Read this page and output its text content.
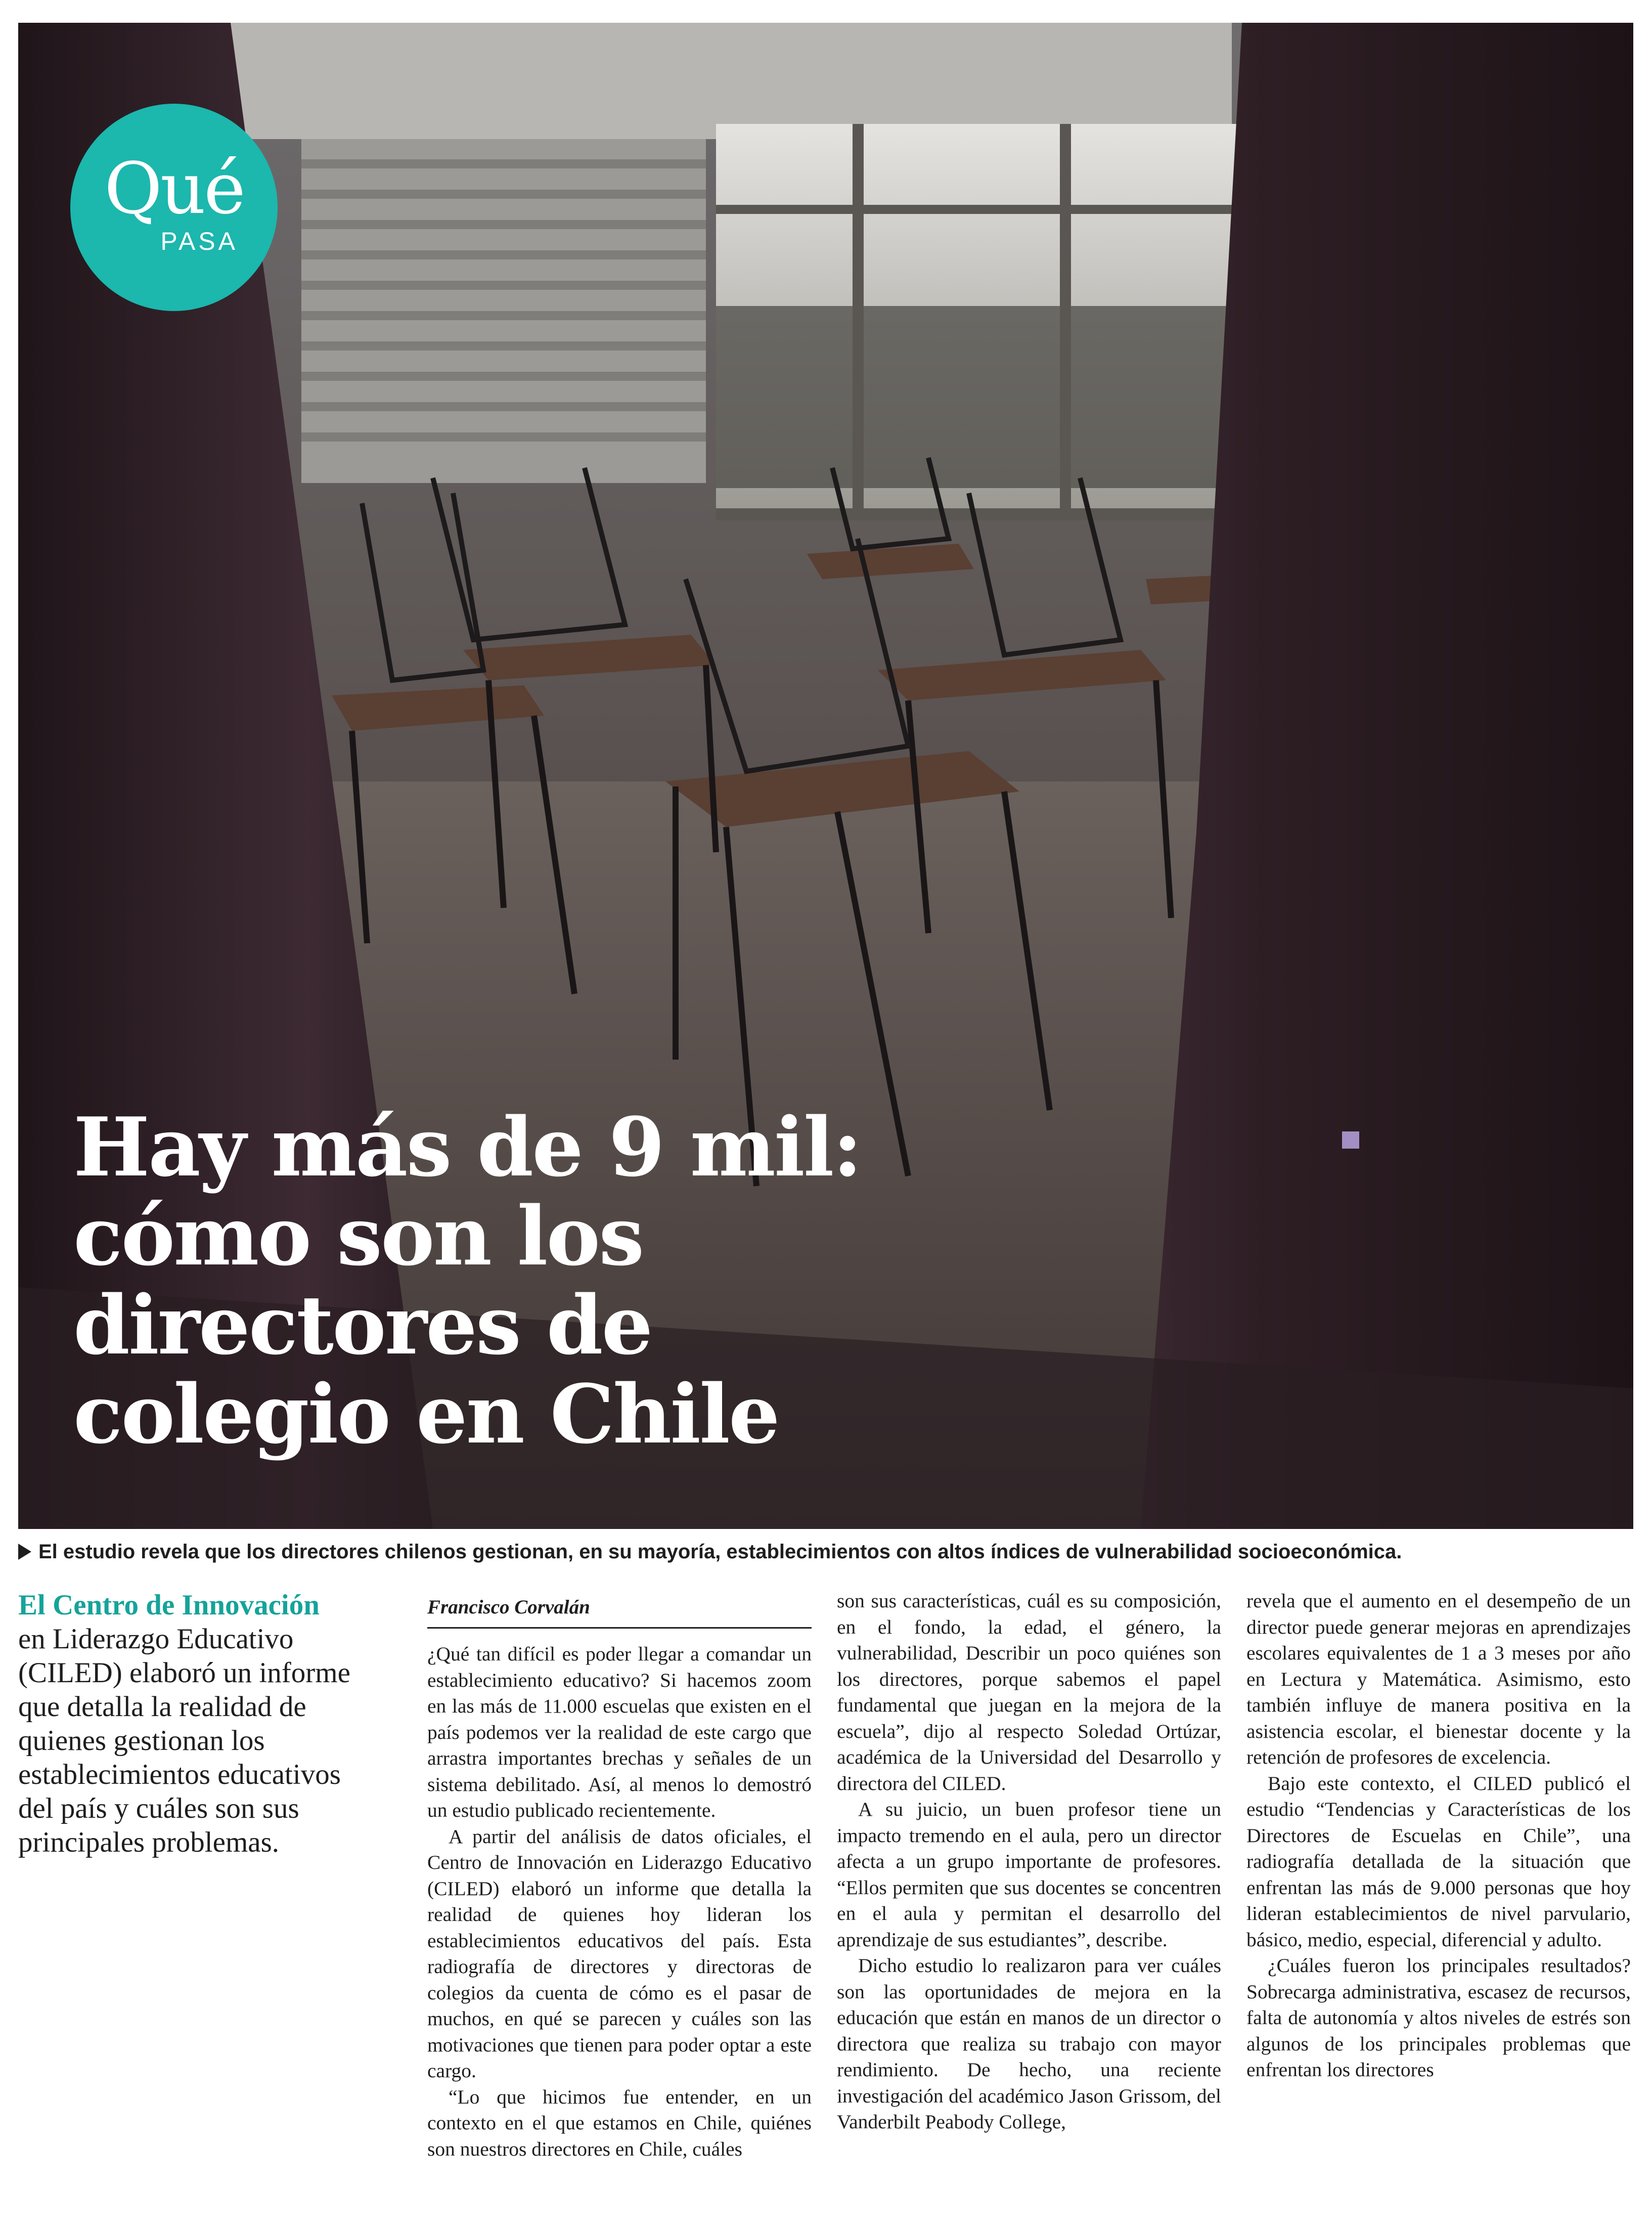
Qué
PASA
Hay más de 9 mil:
cómo son los
directores de
colegio en Chile

El estudio revela que los directores chilenos gestionan, en su mayoría, establecimientos con altos índices de vulnerabilidad socioeconómica.

El Centro de Innovación
en Liderazgo Educativo (CILED) elaboró un informe que detalla la realidad de quienes gestionan los establecimientos educativos del país y cuáles son sus principales problemas.

Francisco Corvalán

¿Qué tan difícil es poder llegar a comandar un establecimiento educativo? Si hacemos zoom en las más de 11.000 escuelas que existen en el país podemos ver la realidad de este cargo que arrastra importantes brechas y señales de un sistema debilitado. Así, al menos lo demostró un estudio publicado recientemente.

A partir del análisis de datos oficiales, el Centro de Innovación en Liderazgo Educativo (CILED) elaboró un informe que detalla la realidad de quienes hoy lideran los establecimientos educativos del país. Esta radiografía de directores y directoras de colegios da cuenta de cómo es el pasar de muchos, en qué se parecen y cuáles son las motivaciones que tienen para poder optar a este cargo.

“Lo que hicimos fue entender, en un contexto en el que estamos en Chile, quiénes son nuestros directores en Chile, cuáles

son sus características, cuál es su composición, en el fondo, la edad, el género, la vulnerabilidad, Describir un poco quiénes son los directores, porque sabemos el papel fundamental que juegan en la mejora de la escuela”, dijo al respecto Soledad Ortúzar, académica de la Universidad del Desarrollo y directora del CILED.

A su juicio, un buen profesor tiene un impacto tremendo en el aula, pero un director afecta a un grupo importante de profesores. “Ellos permiten que sus docentes se concentren en el aula y permitan el desarrollo del aprendizaje de sus estudiantes”, describe.

Dicho estudio lo realizaron para ver cuáles son las oportunidades de mejora en la educación que están en manos de un director o directora que realiza su trabajo con mayor rendimiento. De hecho, una reciente investigación del académico Jason Grissom, del Vanderbilt Peabody College,

revela que el aumento en el desempeño de un director puede generar mejoras en aprendizajes escolares equivalentes de 1 a 3 meses por año en Lectura y Matemática. Asimismo, esto también influye de manera positiva en la asistencia escolar, el bienestar docente y la retención de profesores de excelencia.

Bajo este contexto, el CILED publicó el estudio “Tendencias y Características de los Directores de Escuelas en Chile”, una radiografía detallada de la situación que enfrentan las más de 9.000 personas que hoy lideran establecimientos de nivel parvulario, básico, medio, especial, diferencial y adulto.

¿Cuáles fueron los principales resultados? Sobrecarga administrativa, escasez de recursos, falta de autonomía y altos niveles de estrés son algunos de los principales problemas que enfrentan los directores
